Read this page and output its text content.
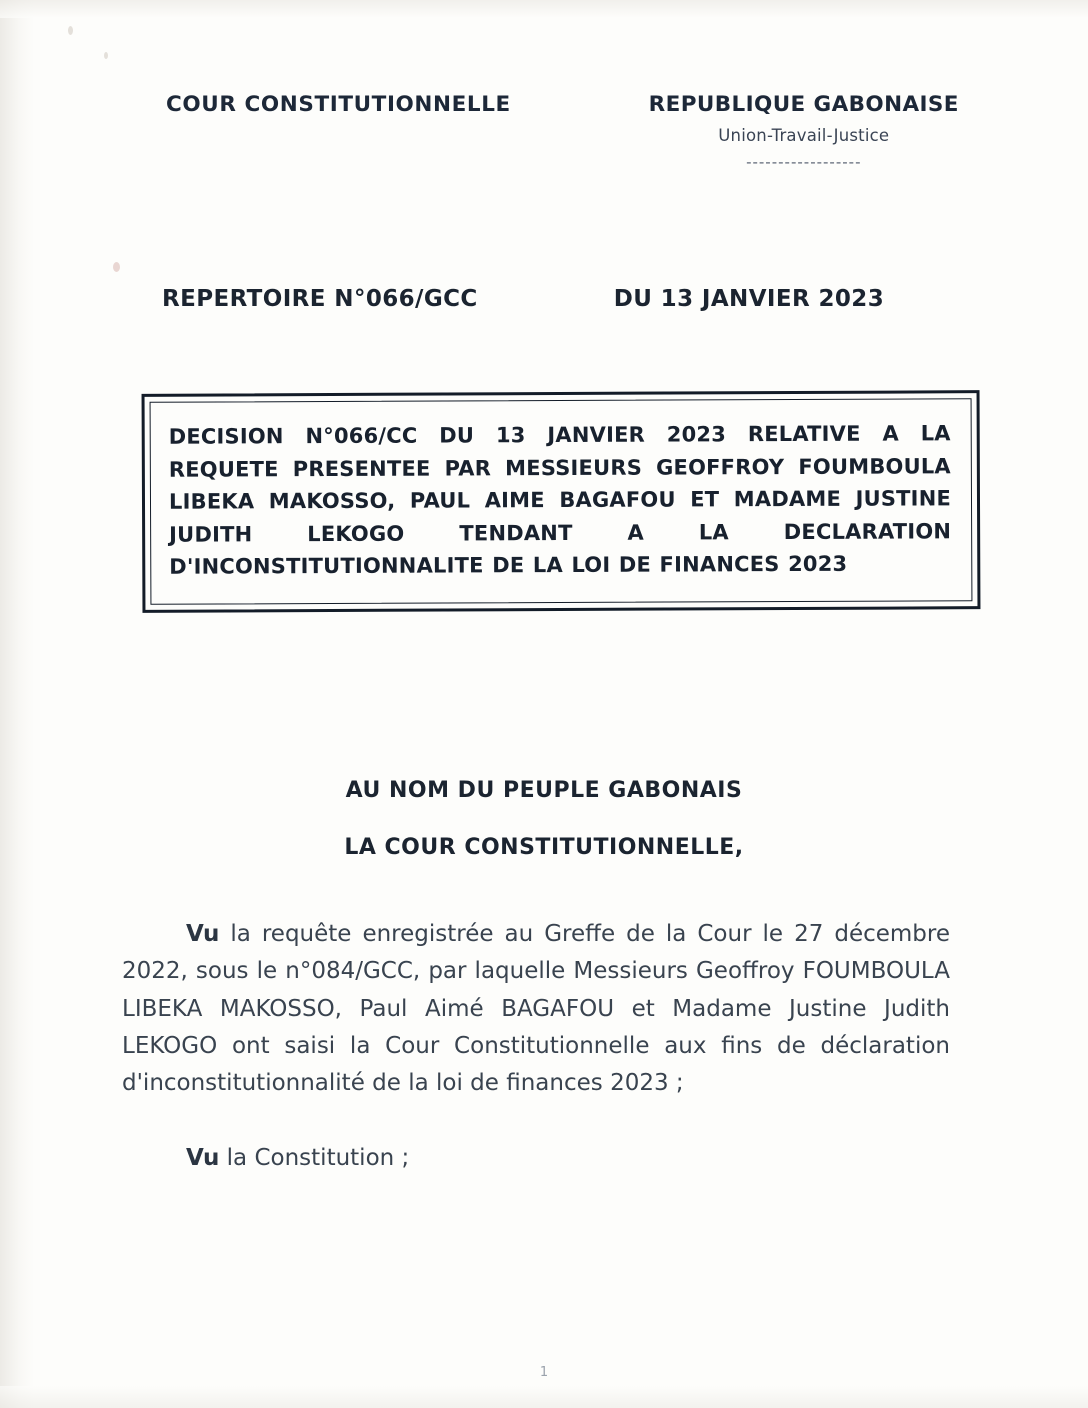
COUR CONSTITUTIONNELLE	REPUBLIQUE GABONAISE
Union-Travail-Justice
------------------
REPERTOIRE N°066/GCC	DU 13 JANVIER 2023
DECISION N°066/CC DU 13 JANVIER 2023 RELATIVE A LA REQUETE PRESENTEE PAR MESSIEURS GEOFFROY FOUMBOULA LIBEKA MAKOSSO, PAUL AIME BAGAFOU ET MADAME JUSTINE JUDITH LEKOGO TENDANT A LA DECLARATION D'INCONSTITUTIONNALITE DE LA LOI DE FINANCES 2023
AU NOM DU PEUPLE GABONAIS
LA COUR CONSTITUTIONNELLE,

Vu la requête enregistrée au Greffe de la Cour le 27 décembre 2022, sous le n°084/GCC, par laquelle Messieurs Geoffroy FOUMBOULA LIBEKA MAKOSSO, Paul Aimé BAGAFOU et Madame Justine Judith LEKOGO ont saisi la Cour Constitutionnelle aux fins de déclaration d'inconstitutionnalité de la loi de finances 2023 ;

Vu la Constitution ;

1
